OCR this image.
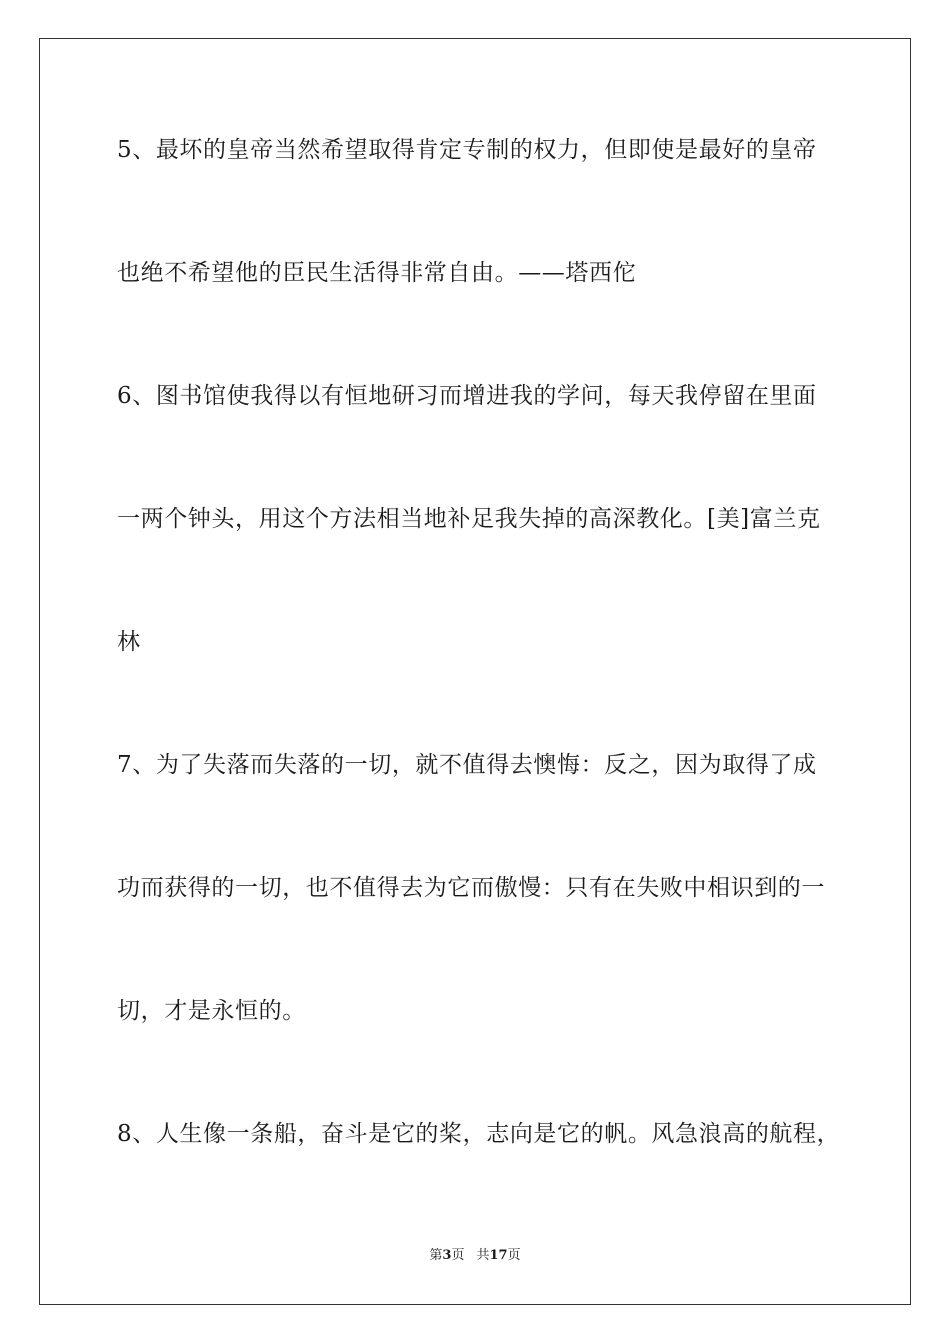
5、最坏的皇帝当然希望取得肯定专制的权力，但即使是最好的皇帝
也绝不希望他的臣民生活得非常自由。——塔西佗
6、图书馆使我得以有恒地研习而增进我的学问，每天我停留在里面
一两个钟头，用这个方法相当地补足我失掉的高深教化。[美]富兰克
林
7、为了失落而失落的一切，就不值得去懊悔：反之，因为取得了成
功而获得的一切，也不值得去为它而傲慢：只有在失败中相识到的一
切，才是永恒的。
8、人生像一条船，奋斗是它的桨，志向是它的帆。风急浪高的航程，
第3页 共17页
